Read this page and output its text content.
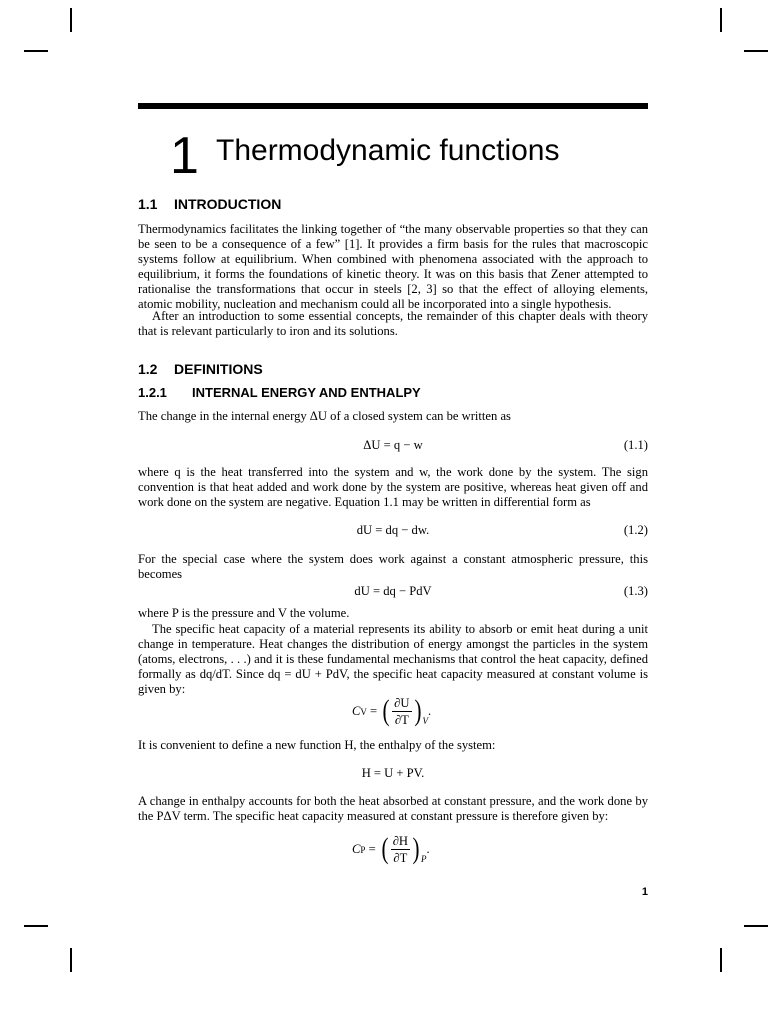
1 Thermodynamic functions
1.1 INTRODUCTION
Thermodynamics facilitates the linking together of “the many observable properties so that they can be seen to be a consequence of a few” [1]. It provides a firm basis for the rules that macroscopic systems follow at equilibrium. When combined with phenomena associated with the approach to equilibrium, it forms the foundations of kinetic theory. It was on this basis that Zener attempted to rationalise the transformations that occur in steels [2, 3] so that the effect of alloying elements, atomic mobility, nucleation and mechanism could all be incorporated into a single hypothesis.
After an introduction to some essential concepts, the remainder of this chapter deals with theory that is relevant particularly to iron and its solutions.
1.2 DEFINITIONS
1.2.1 INTERNAL ENERGY AND ENTHALPY
The change in the internal energy ΔU of a closed system can be written as
ΔU = q − w	(1.1)
where q is the heat transferred into the system and w, the work done by the system. The sign convention is that heat added and work done by the system are positive, whereas heat given off and work done on the system are negative. Equation 1.1 may be written in differential form as
dU = dq − dw.	(1.2)
For the special case where the system does work against a constant atmospheric pressure, this becomes
dU = dq − PdV	(1.3)
where P is the pressure and V the volume.
The specific heat capacity of a material represents its ability to absorb or emit heat during a unit change in temperature. Heat changes the distribution of energy amongst the particles in the system (atoms, electrons, . . .) and it is these fundamental mechanisms that control the heat capacity, defined formally as dq/dT. Since dq = dU + PdV, the specific heat capacity measured at constant volume is given by:
CV = ( $\frac{\partial U}{\partial T}$ ) V
.
It is convenient to define a new function H, the enthalpy of the system:
H = U + PV.
A change in enthalpy accounts for both the heat absorbed at constant pressure, and the work done by the PΔV term. The specific heat capacity measured at constant pressure is therefore given by:
CP = ( $\frac{\partial H}{\partial T}$ ) P
.
1
